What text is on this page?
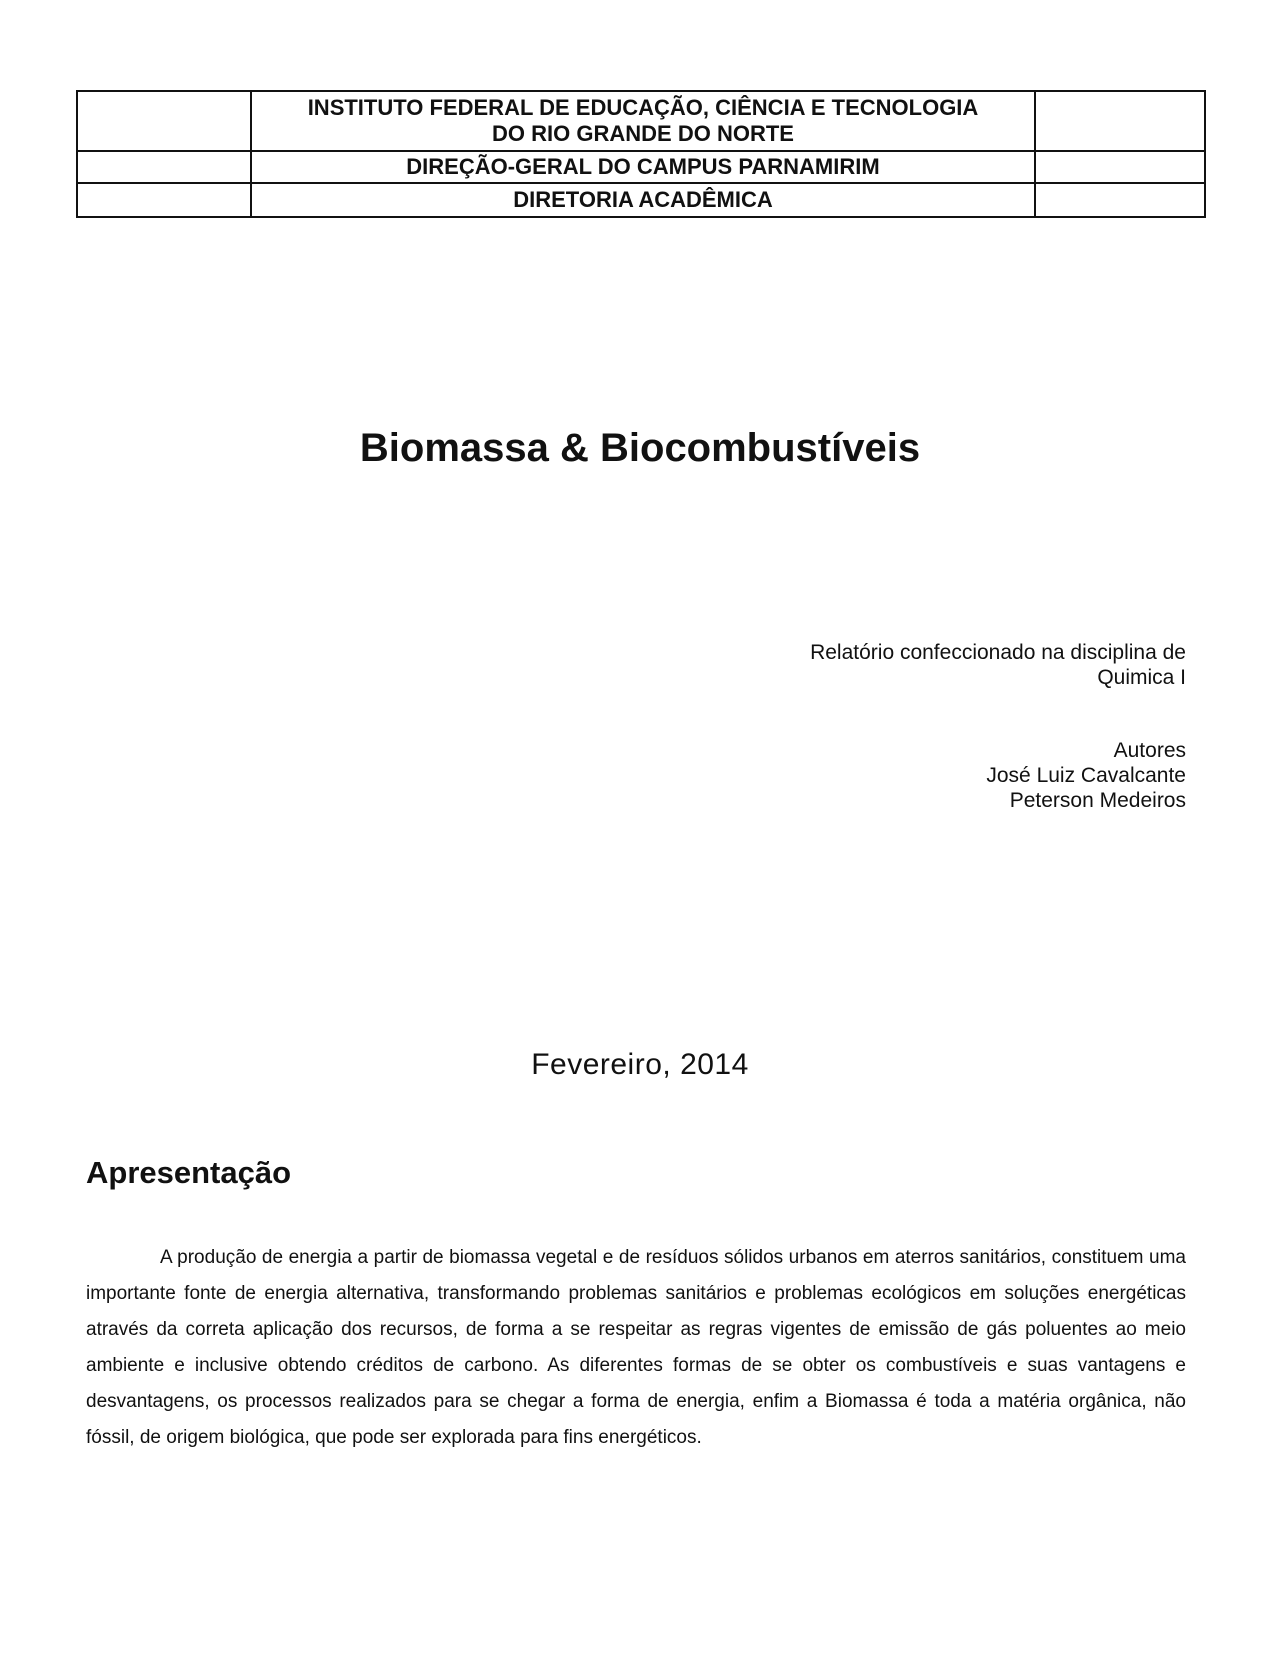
	INSTITUTO FEDERAL DE EDUCAÇÃO, CIÊNCIA E TECNOLOGIA
DO RIO GRANDE DO NORTE	

	DIREÇÃO-GERAL DO CAMPUS PARNAMIRIM	
	DIRETORIA ACADÊMICA	
Biomassa & Biocombustíveis
Relatório confeccionado na disciplina de
Quimica I
Autores
José Luiz Cavalcante
Peterson Medeiros
Fevereiro, 2014
Apresentação

A produção de energia a partir de biomassa vegetal e de resíduos sólidos urbanos em aterros sanitários, constituem uma importante fonte de energia alternativa, transformando problemas sanitários e problemas ecológicos em soluções energéticas através da correta aplicação dos recursos, de forma a se respeitar as regras vigentes de emissão de gás poluentes ao meio ambiente e inclusive obtendo créditos de carbono. As diferentes formas de se obter os combustíveis e suas vantagens e desvantagens, os processos realizados para se chegar a forma de energia, enfim a Biomassa é toda a matéria orgânica, não fóssil, de origem biológica, que pode ser explorada para fins energéticos.
